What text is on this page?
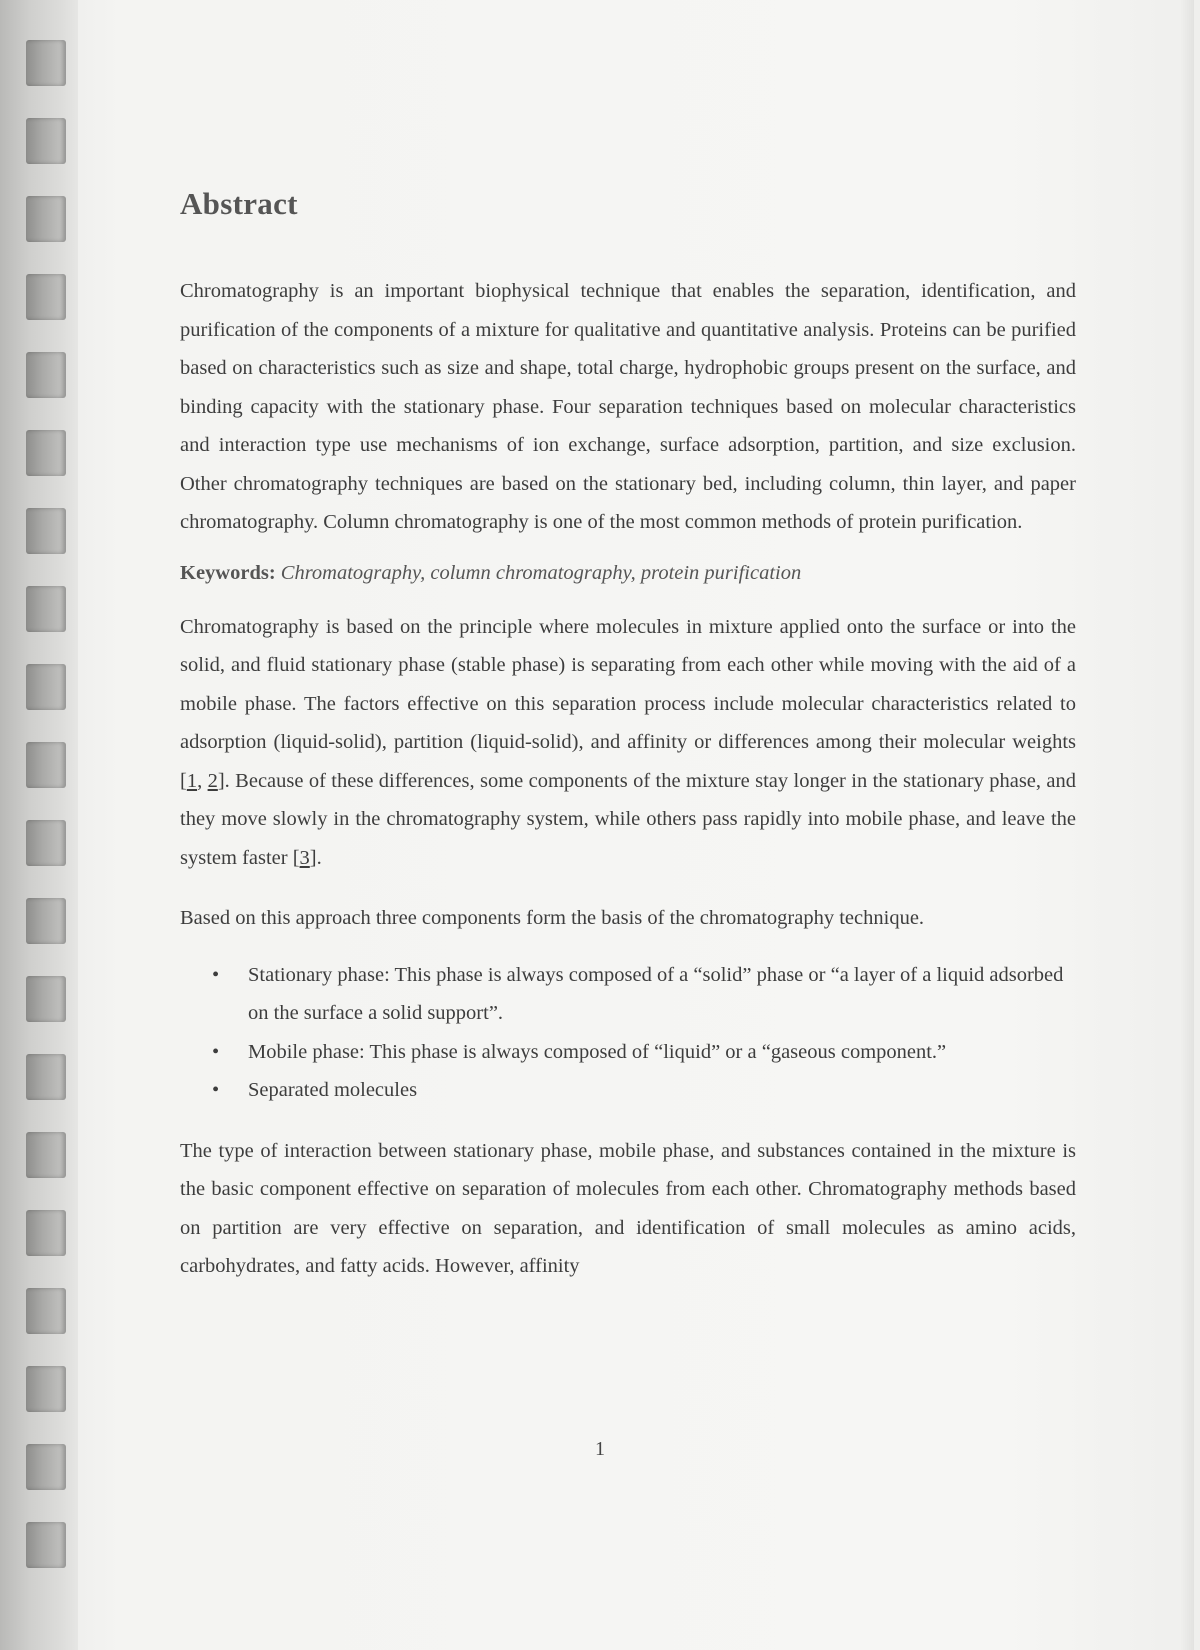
Abstract

Chromatography is an important biophysical technique that enables the separation, identification, and purification of the components of a mixture for qualitative and quantitative analysis. Proteins can be purified based on characteristics such as size and shape, total charge, hydrophobic groups present on the surface, and binding capacity with the stationary phase. Four separation techniques based on molecular characteristics and interaction type use mechanisms of ion exchange, surface adsorption, partition, and size exclusion. Other chromatography techniques are based on the stationary bed, including column, thin layer, and paper chromatography. Column chromatography is one of the most common methods of protein purification.

Keywords: Chromatography, column chromatography, protein purification

Chromatography is based on the principle where molecules in mixture applied onto the surface or into the solid, and fluid stationary phase (stable phase) is separating from each other while moving with the aid of a mobile phase. The factors effective on this separation process include molecular characteristics related to adsorption (liquid-solid), partition (liquid-solid), and affinity or differences among their molecular weights [1, 2]. Because of these differences, some components of the mixture stay longer in the stationary phase, and they move slowly in the chromatography system, while others pass rapidly into mobile phase, and leave the system faster [3].

Based on this approach three components form the basis of the chromatography technique.

• Stationary phase: This phase is always composed of a “solid” phase or “a layer of a liquid adsorbed on the surface a solid support”.
• Mobile phase: This phase is always composed of “liquid” or a “gaseous component.”
• Separated molecules

The type of interaction between stationary phase, mobile phase, and substances contained in the mixture is the basic component effective on separation of molecules from each other. Chromatography methods based on partition are very effective on separation, and identification of small molecules as amino acids, carbohydrates, and fatty acids. However, affinity

1
